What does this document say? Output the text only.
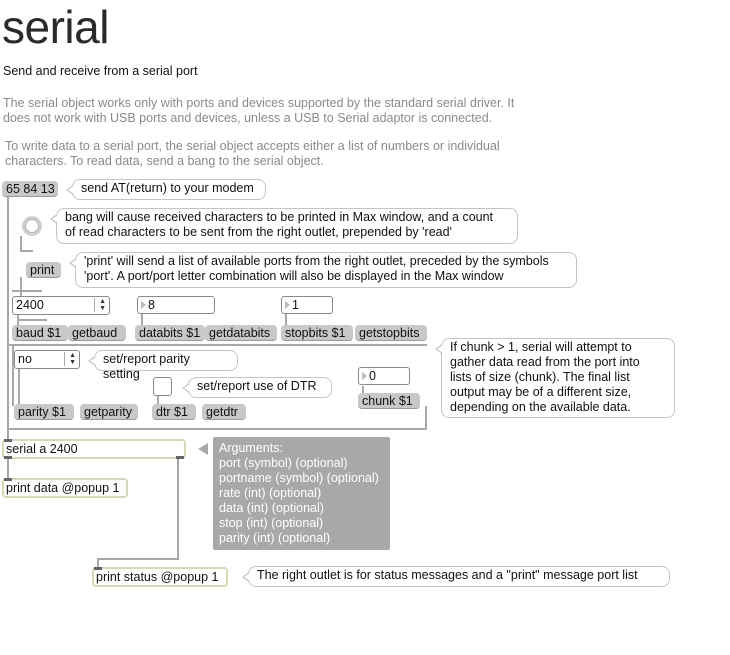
serial
Send and receive from a serial port
The serial object works only with ports and devices supported by the standard serial driver. It
does not work with USB ports and devices, unless a USB to Serial adaptor is connected.
To write data to a serial port, the serial object accepts either a list of numbers or individual
characters. To read data, send a bang to the serial object.
65 84 13	send AT(return) to your modem
bang will cause received characters to be printed in Max window, and a count
of read characters to be sent from the right outlet, prepended by 'read'
print
'print' will send a list of available ports from the right outlet, preceded by the symbols
'port'. A port/port letter combination will also be displayed in the Max window
2400	▲
▼	8	1
baud $1 getbaud	databits $1 getdatabits	stopbits $1	getstopbits
no	▲
▼	set/report parity setting
set/report use of DTR
0
If chunk > 1, serial will attempt to
gather data read from the port into
lists of size (chunk). The final list
output may be of a different size,
depending on the available data.
parity $1	getparity	dtr $1	getdtr
chunk $1
serial a 2400	Arguments:
port (symbol) (optional)
portname (symbol) (optional)
rate (int) (optional)
data (int) (optional)
stop (int) (optional)
parity (int) (optional)
print data @popup 1
print status @popup 1	The right outlet is for status messages and a "print" message port list
